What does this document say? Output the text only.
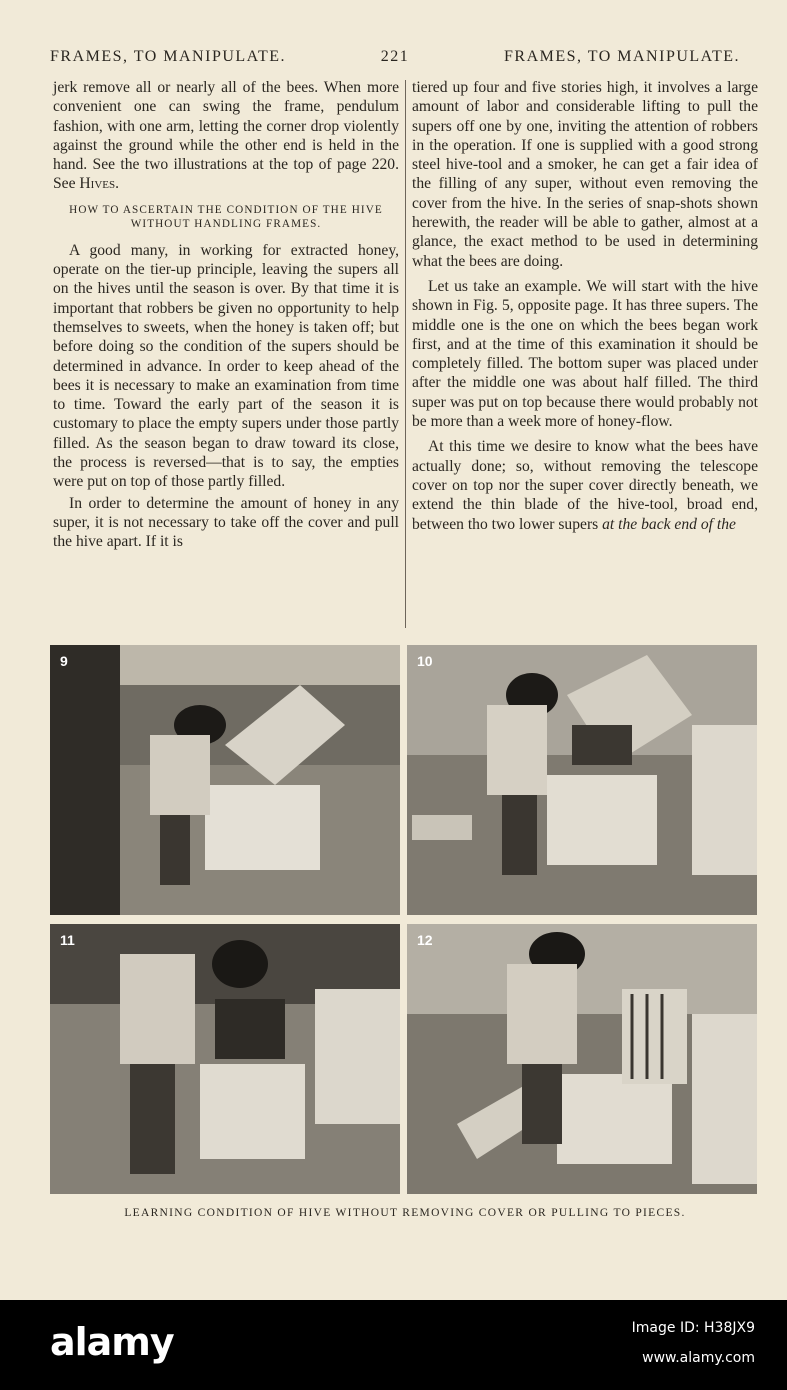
FRAMES, TO MANIPULATE.	221	FRAMES, TO MANIPULATE.

jerk remove all or nearly all of the bees. When more convenient one can swing the frame, pendulum fashion, with one arm, letting the corner drop violently against the ground while the other end is held in the hand. See the two illustrations at the top of page 220. See Hives.

HOW TO ASCERTAIN THE CONDITION OF THE HIVE WITHOUT HANDLING FRAMES.

A good many, in working for extracted honey, operate on the tier-up principle, leaving the supers all on the hives until the season is over. By that time it is important that robbers be given no opportunity to help themselves to sweets, when the honey is taken off; but before doing so the condition of the supers should be determined in advance. In order to keep ahead of the bees it is necessary to make an examination from time to time. Toward the early part of the season it is customary to place the empty supers under those partly filled. As the season began to draw toward its close, the process is reversed—that is to say, the empties were put on top of those partly filled.

In order to determine the amount of honey in any super, it is not necessary to take off the cover and pull the hive apart. If it is

tiered up four and five stories high, it involves a large amount of labor and considerable lifting to pull the supers off one by one, inviting the attention of robbers in the operation. If one is supplied with a good strong steel hive-tool and a smoker, he can get a fair idea of the filling of any super, without even removing the cover from the hive. In the series of snap-shots shown herewith, the reader will be able to gather, almost at a glance, the exact method to be used in determining what the bees are doing.

Let us take an example. We will start with the hive shown in Fig. 5, opposite page. It has three supers. The middle one is the one on which the bees began work first, and at the time of this examination it should be completely filled. The bottom super was placed under after the middle one was about half filled. The third super was put on top because there would probably not be more than a week more of honey-flow.

At this time we desire to know what the bees have actually done; so, without removing the telescope cover on top nor the super cover directly beneath, we extend the thin blade of the hive-tool, broad end, between tho two lower supers at the back end of the

9	10
11	12
LEARNING CONDITION OF HIVE WITHOUT REMOVING COVER OR PULLING TO PIECES.
alamy	Image ID: H38JX9
www.alamy.com
